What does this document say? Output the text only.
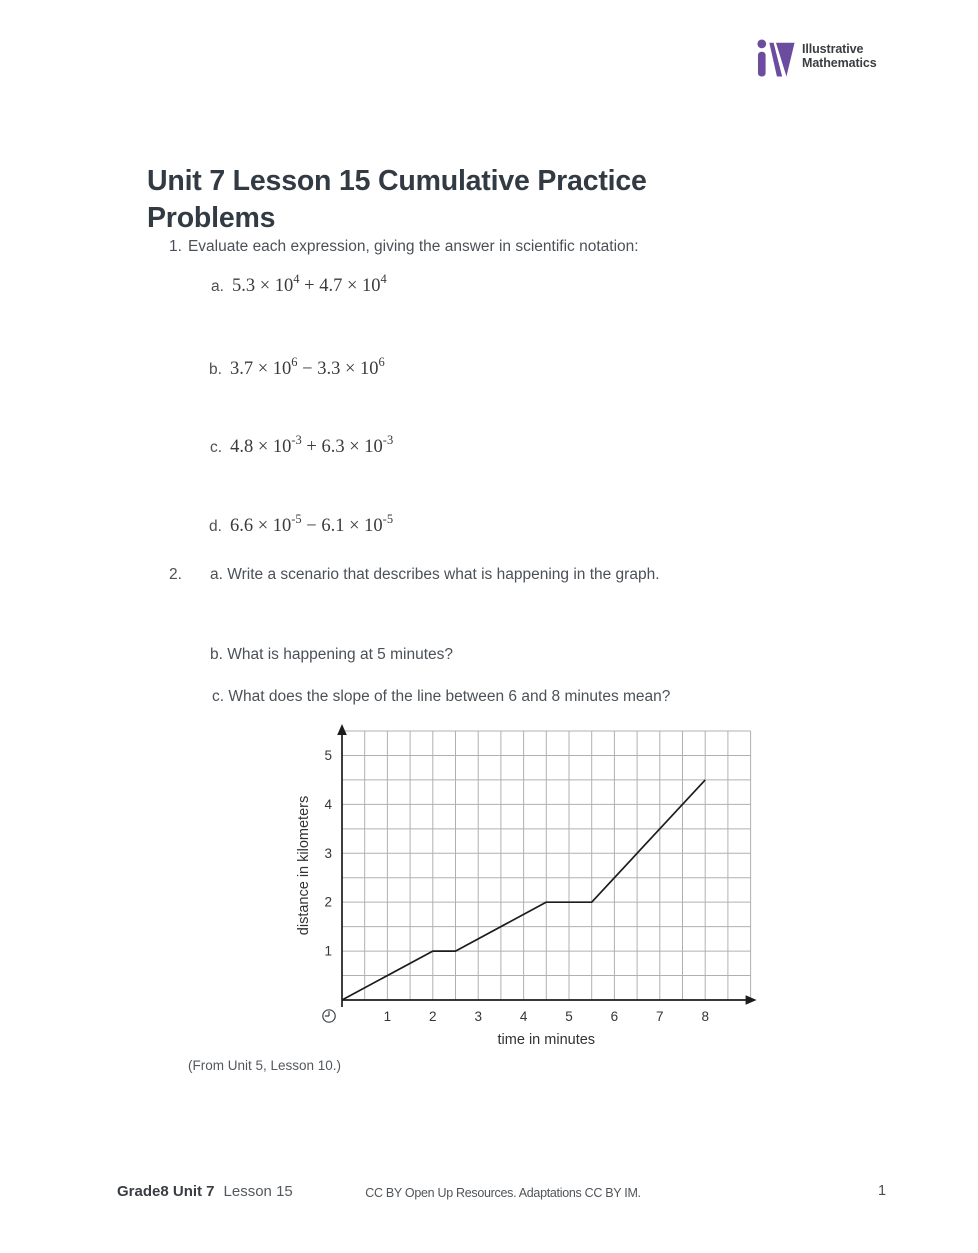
Illustrative
Mathematics
Unit 7 Lesson 15 Cumulative Practice Problems
1. Evaluate each expression, giving the answer in scientific notation:
a. $5.3 \times 10^4 + 4.7 \times 10^4$
b. $3.7 \times 10^6 - 3.3 \times 10^6$
c. $4.8 \times 10^{-3} + 6.3 \times 10^{-3}$
d. $6.6 \times 10^{-5} - 6.1 \times 10^{-5}$
2. a. Write a scenario that describes what is happening in the graph.
b. What is happening at 5 minutes?
c. What does the slope of the line between 6 and 8 minutes mean?
1	2	3	4	5	6	7	8
1
2
3
4
5
time in minutes
distance in kilometers
(From Unit 5, Lesson 10.)
Grade8 Unit 7 Lesson 15	CC BY Open Up Resources. Adaptations CC BY IM.	1
